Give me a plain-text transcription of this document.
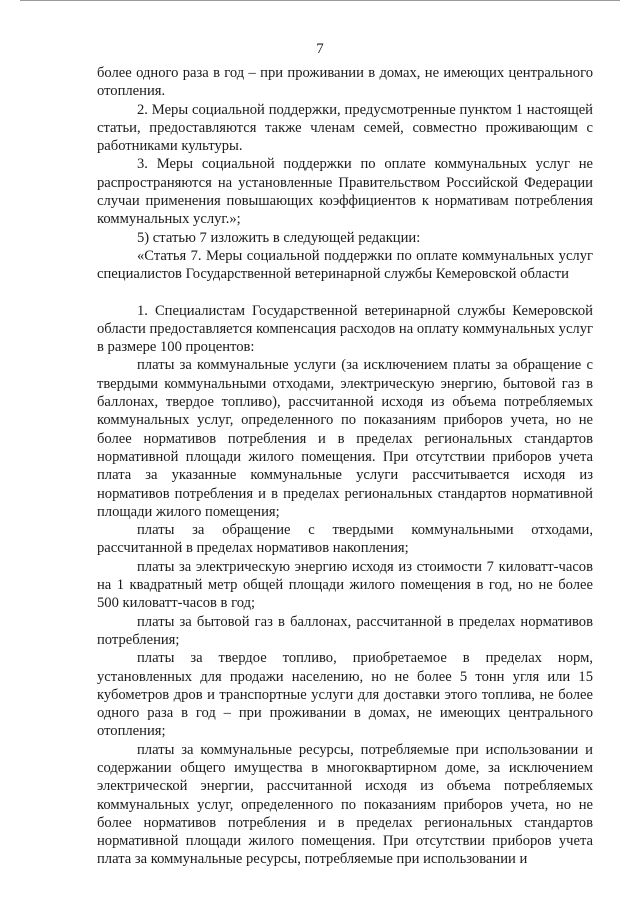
7

более одного раза в год – при проживании в домах, не имеющих центрального отопления.

2. Меры социальной поддержки, предусмотренные пунктом 1 настоящей статьи, предоставляются также членам семей, совместно проживающим с работниками культуры.

3. Меры социальной поддержки по оплате коммунальных услуг не распространяются на установленные Правительством Российской Федерации случаи применения повышающих коэффициентов к нормативам потребления коммунальных услуг.»;

5) статью 7 изложить в следующей редакции:

«Статья 7. Меры социальной поддержки по оплате коммунальных услуг специалистов Государственной ветеринарной службы Кемеровской области

1. Специалистам Государственной ветеринарной службы Кемеровской области предоставляется компенсация расходов на оплату коммунальных услуг в размере 100 процентов:

платы за коммунальные услуги (за исключением платы за обращение с твердыми коммунальными отходами, электрическую энергию, бытовой газ в баллонах, твердое топливо), рассчитанной исходя из объема потребляемых коммунальных услуг, определенного по показаниям приборов учета, но не более нормативов потребления и в пределах региональных стандартов нормативной площади жилого помещения. При отсутствии приборов учета плата за указанные коммунальные услуги рассчитывается исходя из нормативов потребления и в пределах региональных стандартов нормативной площади жилого помещения;

платы за обращение с твердыми коммунальными отходами, рассчитанной в пределах нормативов накопления;

платы за электрическую энергию исходя из стоимости 7 киловатт-часов на 1 квадратный метр общей площади жилого помещения в год, но не более 500 киловатт-часов в год;

платы за бытовой газ в баллонах, рассчитанной в пределах нормативов потребления;

платы за твердое топливо, приобретаемое в пределах норм, установленных для продажи населению, но не более 5 тонн угля или 15 кубометров дров и транспортные услуги для доставки этого топлива, не более одного раза в год – при проживании в домах, не имеющих центрального отопления;

платы за коммунальные ресурсы, потребляемые при использовании и содержании общего имущества в многоквартирном доме, за исключением электрической энергии, рассчитанной исходя из объема потребляемых коммунальных услуг, определенного по показаниям приборов учета, но не более нормативов потребления и в пределах региональных стандартов нормативной площади жилого помещения. При отсутствии приборов учета плата за коммунальные ресурсы, потребляемые при использовании и
